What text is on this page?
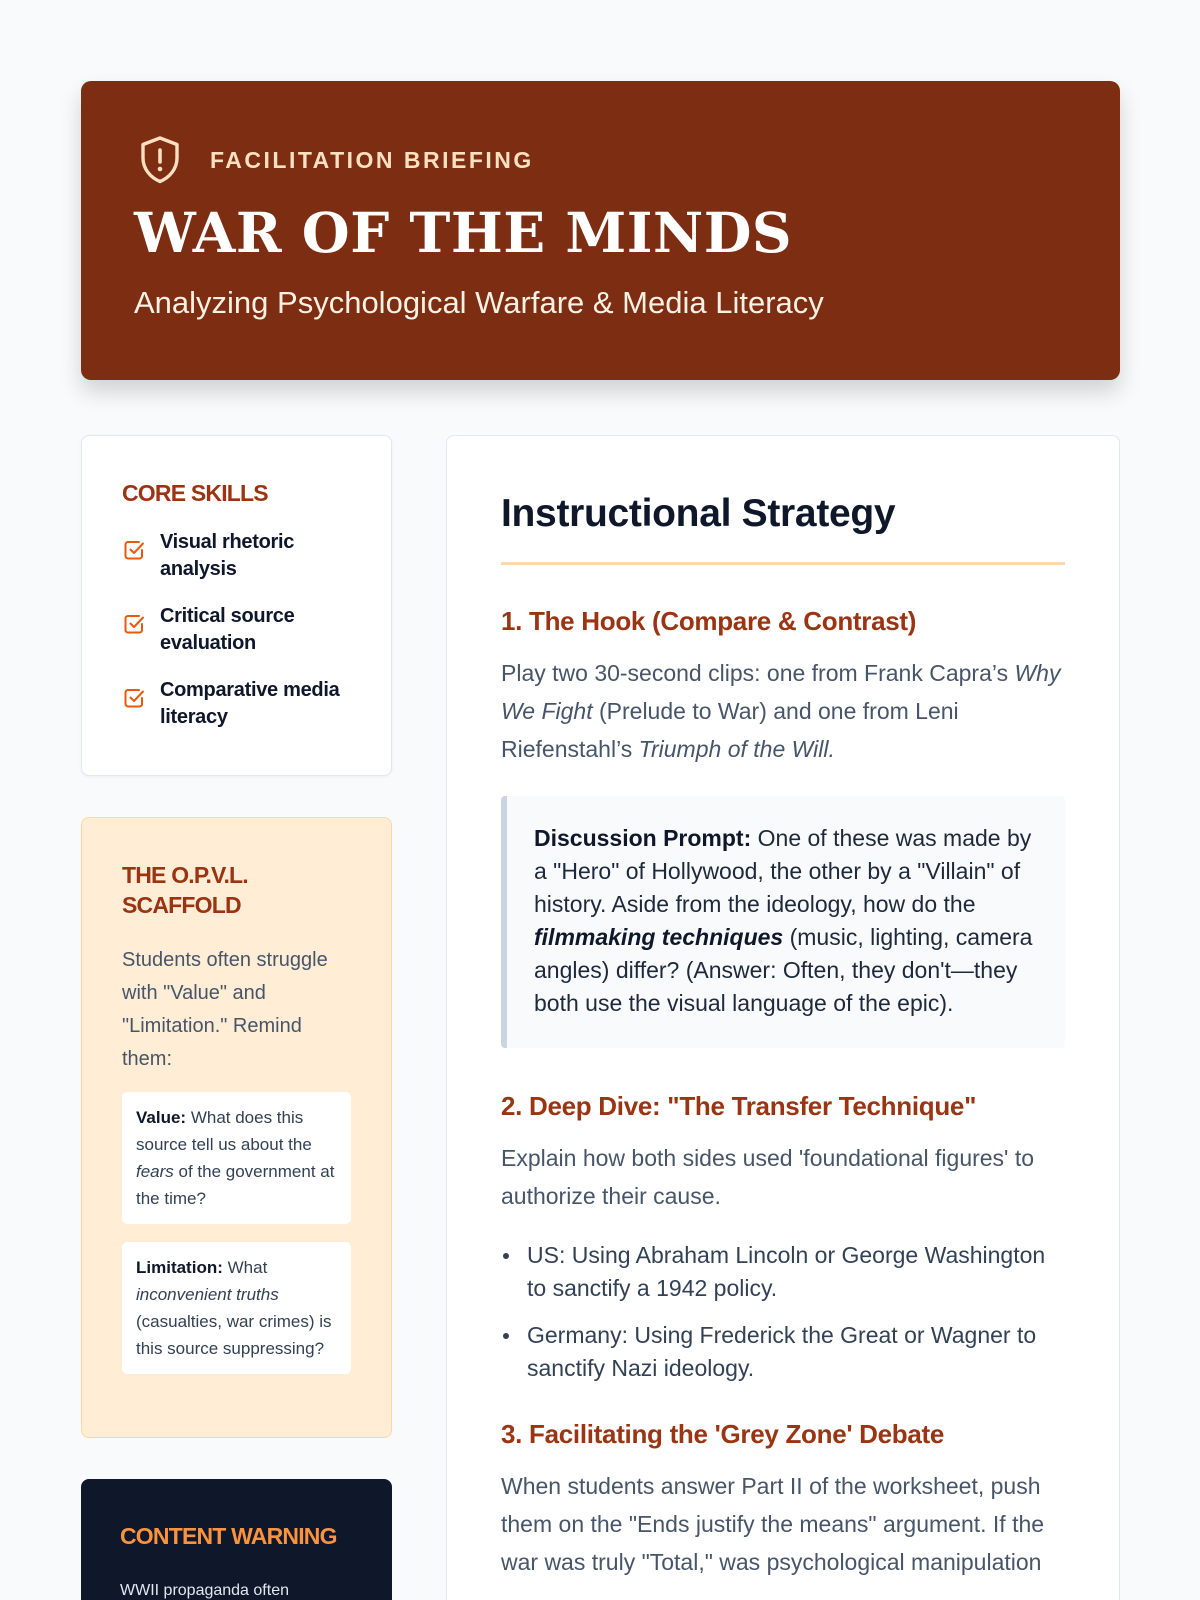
FACILITATION BRIEFING
WAR OF THE MINDS
Analyzing Psychological Warfare & Media Literacy
CORE SKILLS
Visual rhetoric analysis
Critical source evaluation
Comparative media literacy
THE O.P.V.L. SCAFFOLD

Students often struggle with "Value" and "Limitation." Remind them:

Value: What does this source tell us about the fears of the government at the time?
Limitation: What inconvenient truths (casualties, war crimes) is this source suppressing?
CONTENT WARNING

WWII propaganda often

Instructional Strategy
1. The Hook (Compare & Contrast)

Play two 30-second clips: one from Frank Capra’s Why We Fight (Prelude to War) and one from Leni Riefenstahl’s Triumph of the Will.

Discussion Prompt: One of these was made by a "Hero" of Hollywood, the other by a "Villain" of history. Aside from the ideology, how do the filmmaking techniques (music, lighting, camera angles) differ? (Answer: Often, they don't—they both use the visual language of the epic).
2. Deep Dive: "The Transfer Technique"

Explain how both sides used 'foundational figures' to authorize their cause.

US: Using Abraham Lincoln or George Washington to sanctify a 1942 policy.
Germany: Using Frederick the Great or Wagner to sanctify Nazi ideology.
3. Facilitating the 'Grey Zone' Debate

When students answer Part II of the worksheet, push them on the "Ends justify the means" argument. If the war was truly "Total," was psychological manipulation
